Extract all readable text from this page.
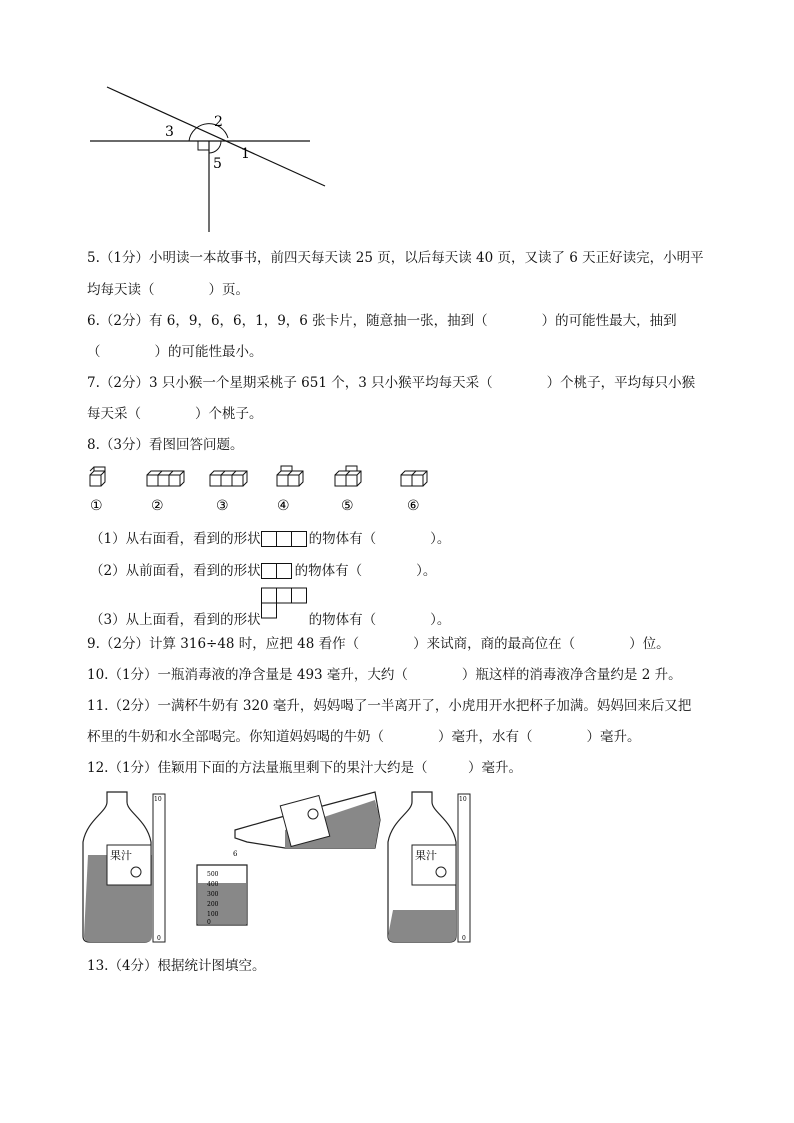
2
3
1
5
5.（1分）小明读一本故事书，前四天每天读 25 页，以后每天读 40 页，又读了 6 天正好读完，小明平
均每天读（　　　　）页。
6.（2分）有 6，9，6，6，1，9，6 张卡片，随意抽一张，抽到（　　　　）的可能性最大，抽到
（　　　　）的可能性最小。
7.（2分）3 只小猴一个星期采桃子 651 个，3 只小猴平均每天采（　　　　）个桃子，平均每只小猴
每天采（　　　　）个桃子。
8.（3分）看图回答问题。
①	②	③	④	⑤	⑥
（1）从右面看，看到的形状	的物体有（　　　　）。
（2）从前面看，看到的形状	的物体有（　　　　）。
（3）从上面看，看到的形状	的物体有（　　　　）。
9.（2分）计算 316÷48 时，应把 48 看作（　　　　）来试商，商的最高位在（　　　　）位。
10.（1分）一瓶消毒液的净含量是 493 毫升，大约（　　　　）瓶这样的消毒液净含量约是 2 升。
11.（2分）一满杯牛奶有 320 毫升，妈妈喝了一半离开了，小虎用开水把杯子加满。妈妈回来后又把
杯里的牛奶和水全部喝完。你知道妈妈喝的牛奶（　　　　）毫升，水有（　　　　）毫升。
12.（1分）佳颖用下面的方法量瓶里剩下的果汁大约是（　　　）毫升。
果汁
10
0
6
500
400
300
200
100
0
果汁
10
0
13.（4分）根据统计图填空。
